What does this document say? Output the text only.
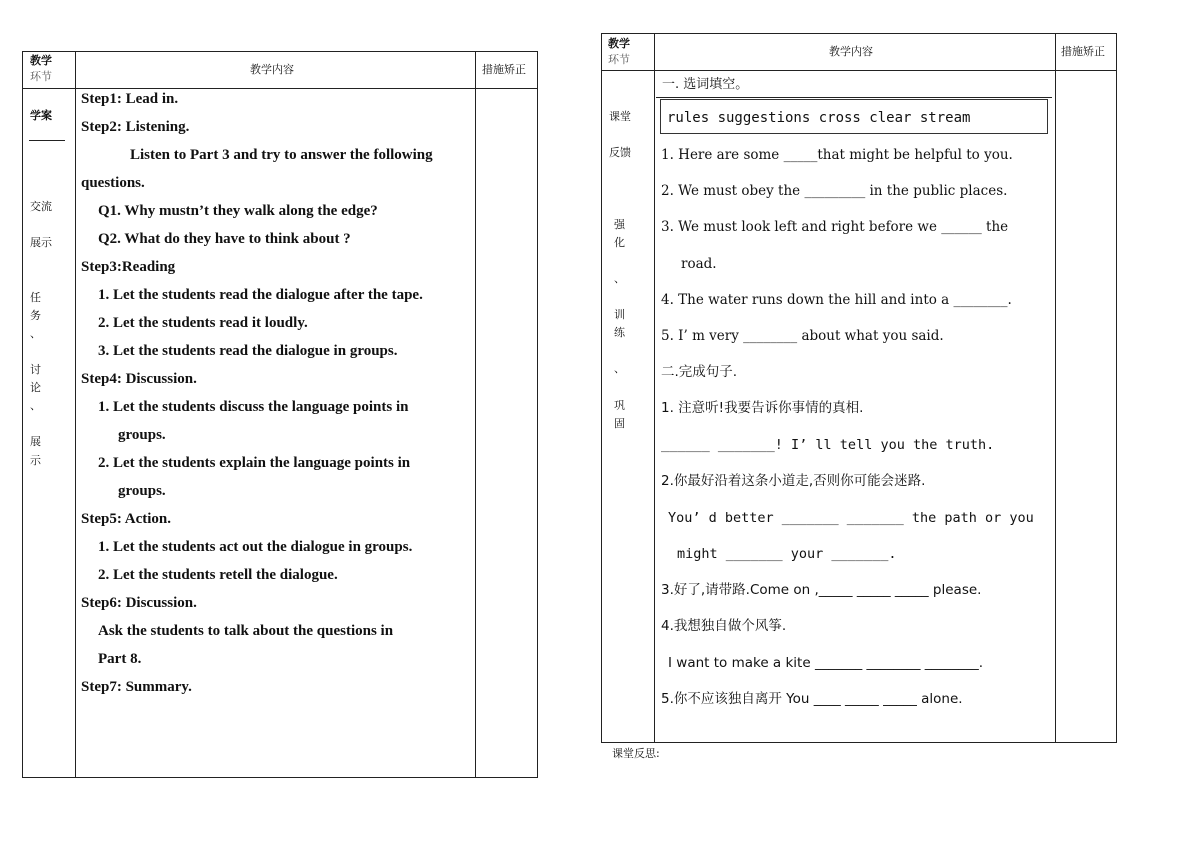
教学
环节
教学内容	措施矫正
学案
交流
展示
任
务
、
讨
论
、
展
示
Step1: Lead in.
Step2: Listening.
Listen to Part 3 and try to answer the following
questions.
Q1. Why mustn’t they walk along the edge?
Q2. What do they have to think about ?
Step3:Reading
1. Let the students read the dialogue after the tape.
2. Let the students read it loudly.
3. Let the students read the dialogue in groups.
Step4: Discussion.
1. Let the students discuss the language points in
groups.
2. Let the students explain the language points in
groups.
Step5: Action.
1. Let the students act out the dialogue in groups.
2. Let the students retell the dialogue.
Step6: Discussion.
Ask the students to talk about the questions in
Part 8.
Step7: Summary.
教学
环节
教学内容	措施矫正
课堂
反馈
强
化
、
训
练
、
巩
固
一. 选词填空。
rules suggestions cross clear stream
1. Here are some _____that might be helpful to you.
2. We must obey the _________ in the public places.
3. We must look left and right before we ______ the
road.
4. The water runs down the hill and into a ________.
5. I’ m very ________ about what you said.
二.完成句子.
1. 注意听!我要告诉你事情的真相.
______ _______! I’ ll tell you the truth.
2.你最好沿着这条小道走,否则你可能会迷路.
You’ d better _______ _______ the path or you
might _______ your _______.
3.好了,请带路.Come on ,_____ _____ _____ please.
4.我想独自做个风筝.
I want to make a kite _______ ________ ________.
5.你不应该独自离开 You ____ _____ _____ alone.
课堂反思:
